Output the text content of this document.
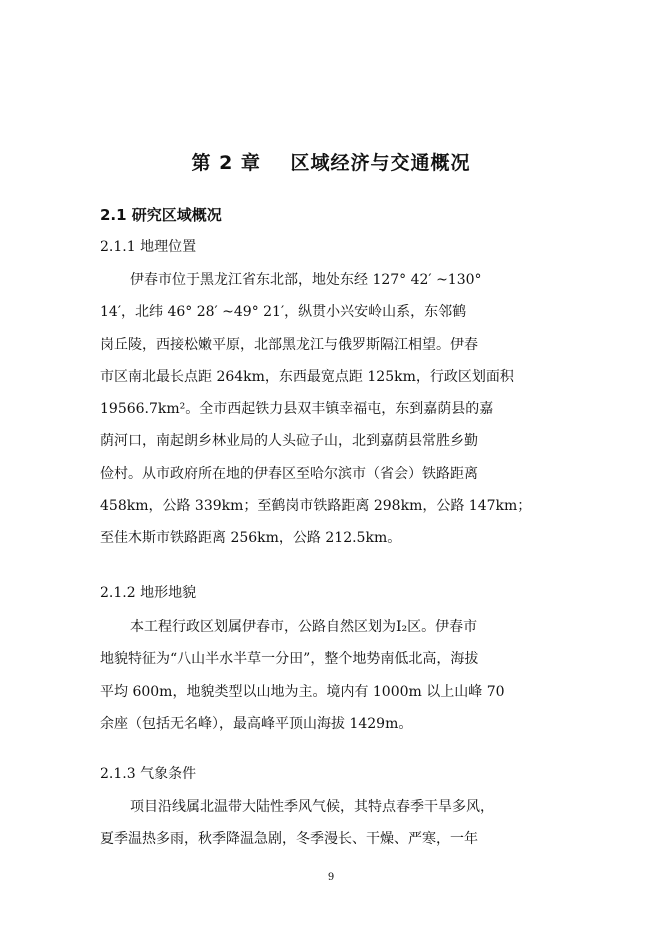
第 2 章 区域经济与交通概况
2.1 研究区域概况
2.1.1 地理位置
伊春市位于黑龙江省东北部，地处东经 127° 42′ ~130°
14′，北纬 46° 28′ ~49° 21′，纵贯小兴安岭山系，东邻鹤
岗丘陵，西接松嫩平原，北部黑龙江与俄罗斯隔江相望。伊春
市区南北最长点距 264km，东西最宽点距 125km，行政区划面积
19566.7km²。全市西起铁力县双丰镇幸福屯，东到嘉荫县的嘉
荫河口，南起朗乡林业局的人头砬子山，北到嘉荫县常胜乡勤
俭村。从市政府所在地的伊春区至哈尔滨市（省会）铁路距离
458km，公路 339km；至鹤岗市铁路距离 298km，公路 147km；
至佳木斯市铁路距离 256km，公路 212.5km。
2.1.2 地形地貌
本工程行政区划属伊春市，公路自然区划为Ⅰ₂区。伊春市
地貌特征为“八山半水半草一分田”，整个地势南低北高，海拔
平均 600m，地貌类型以山地为主。境内有 1000m 以上山峰 70
余座（包括无名峰），最高峰平顶山海拔 1429m。
2.1.3 气象条件
项目沿线属北温带大陆性季风气候，其特点春季干旱多风，
夏季温热多雨，秋季降温急剧，冬季漫长、干燥、严寒，一年
9
